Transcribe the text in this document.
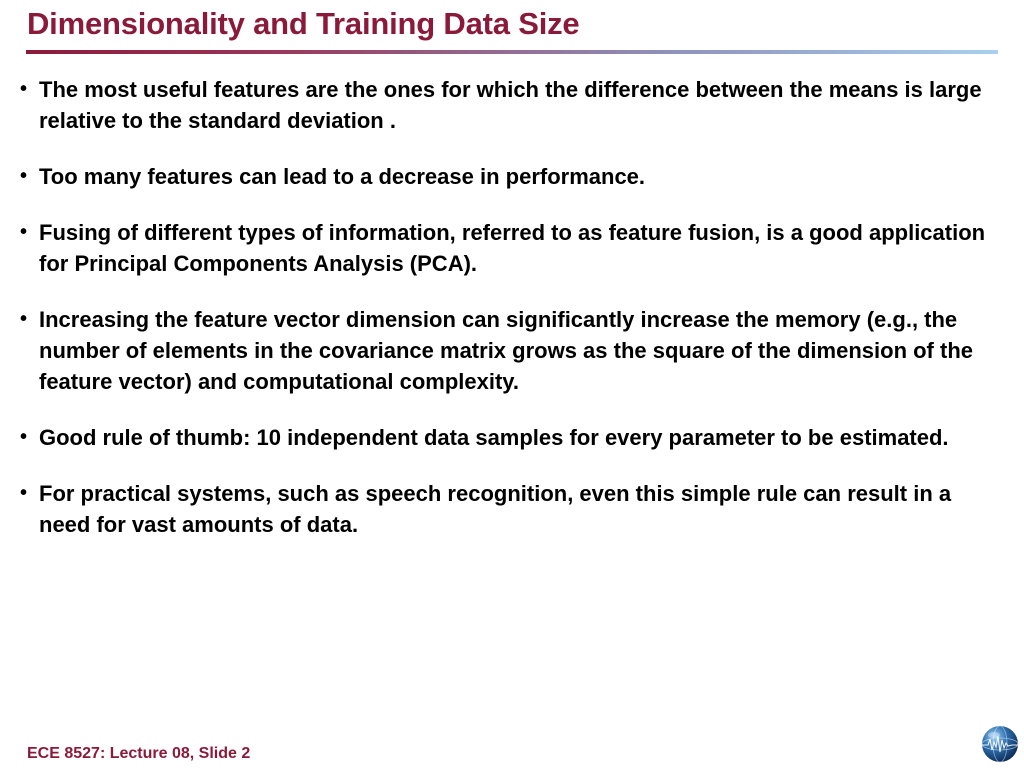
Dimensionality and Training Data Size
• The most useful features are the ones for which the difference between the means is large relative to the standard deviation .
• Too many features can lead to a decrease in performance.
• Fusing of different types of information, referred to as feature fusion, is a good application for Principal Components Analysis (PCA).
• Increasing the feature vector dimension can significantly increase the memory (e.g., the number of elements in the covariance matrix grows as the square of the dimension of the feature vector) and computational complexity.
• Good rule of thumb: 10 independent data samples for every parameter to be estimated.
• For practical systems, such as speech recognition, even this simple rule can result in a need for vast amounts of data.
ECE 8527: Lecture 08, Slide 2
